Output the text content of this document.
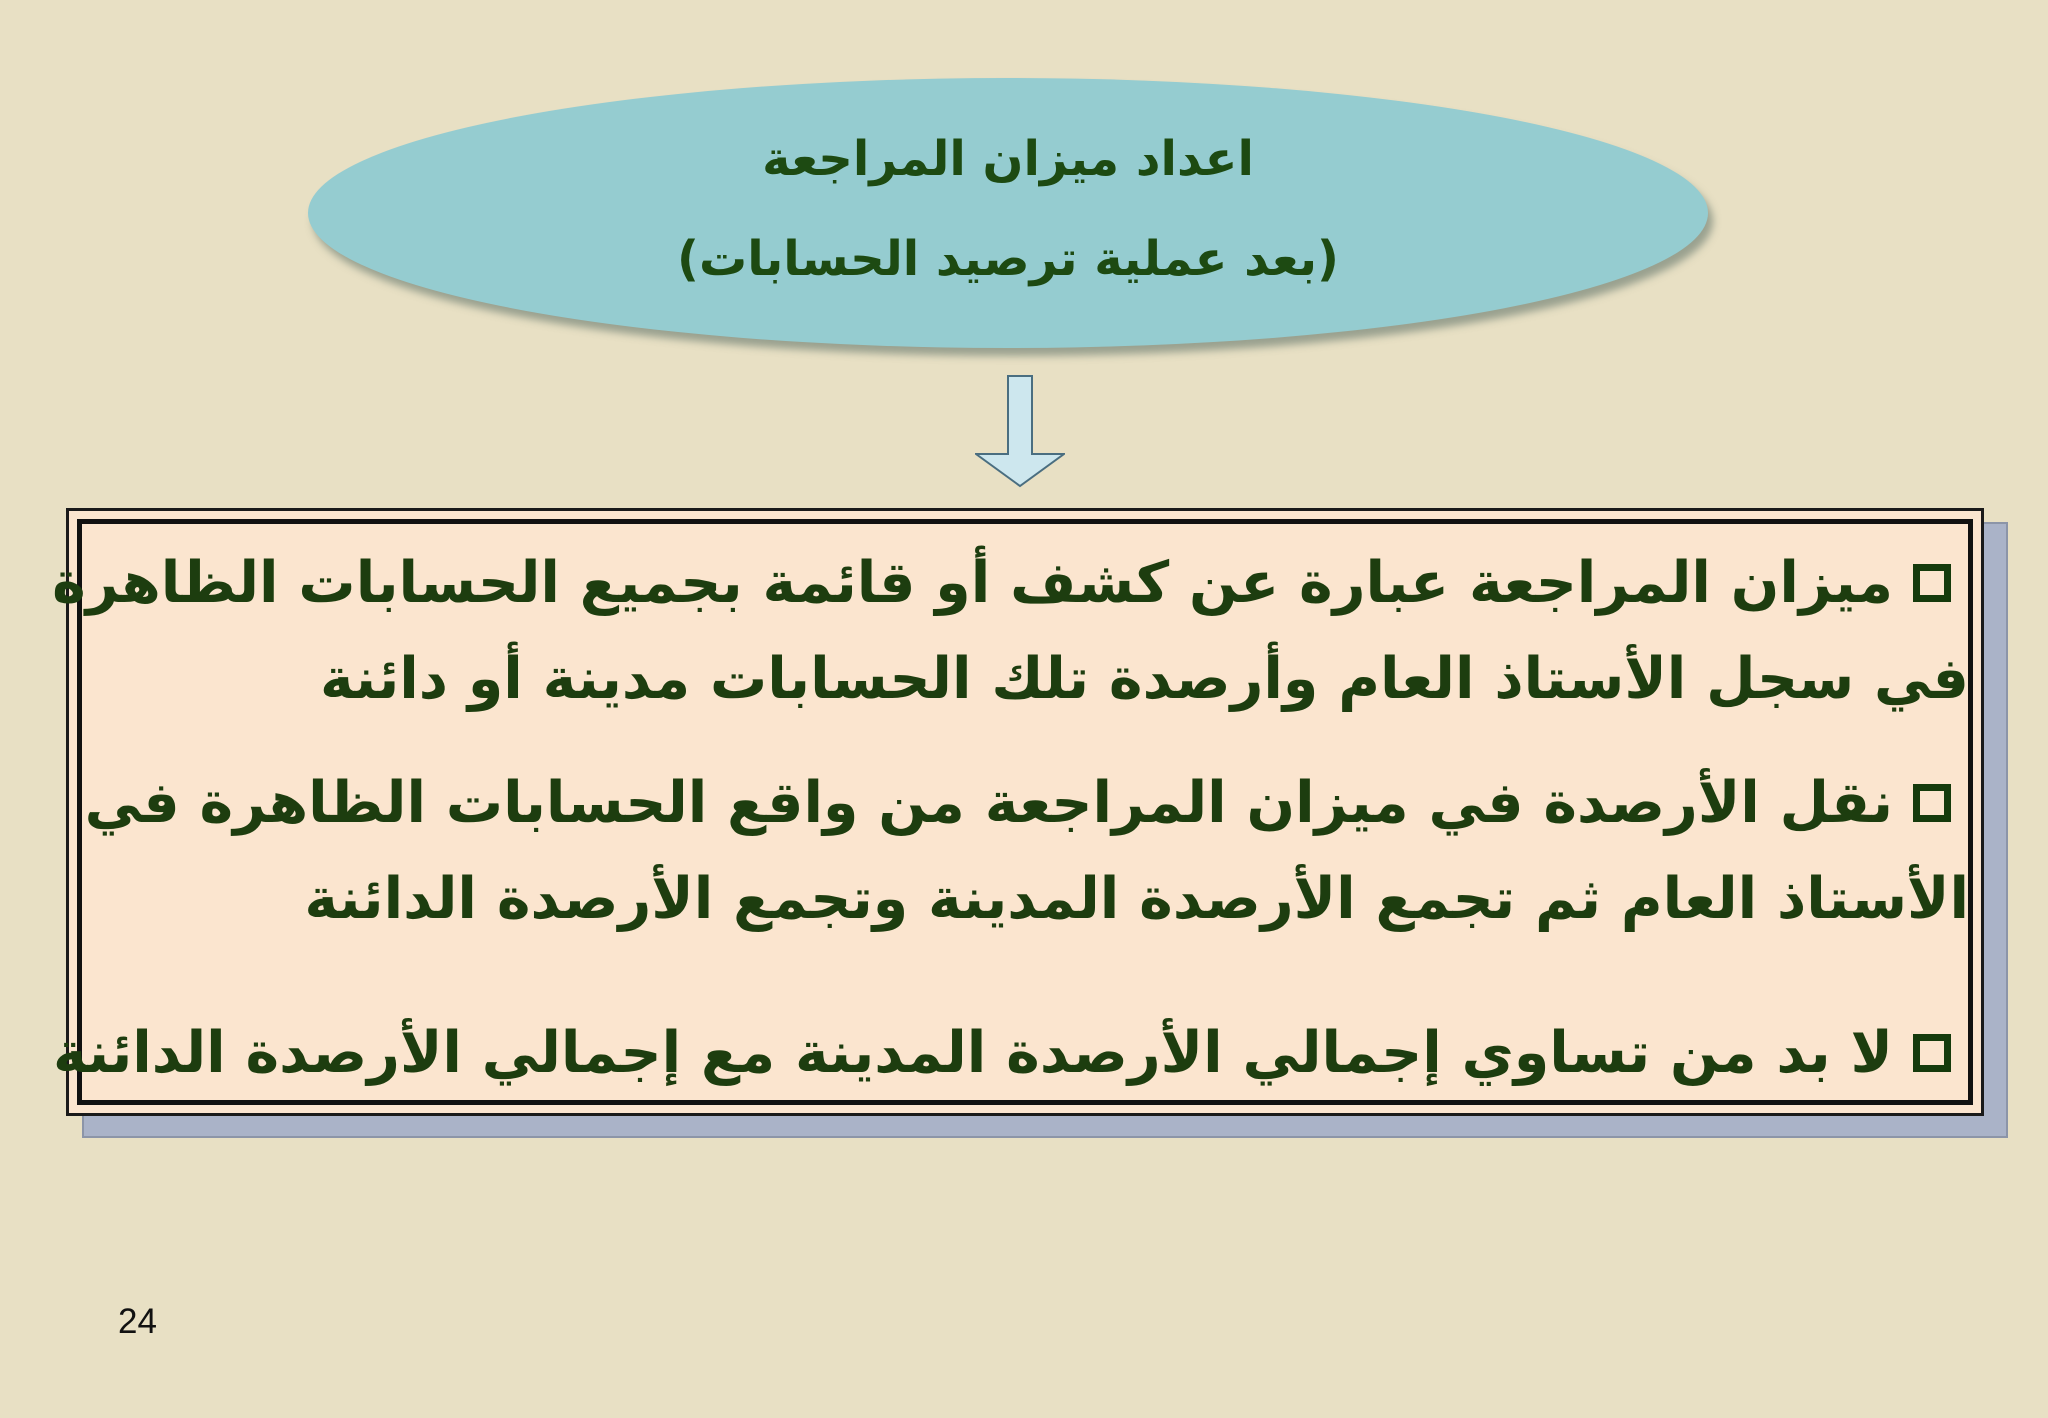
اعداد ميزان المراجعة
(بعد عملية ترصيد الحسابات)
ميزان المراجعة عبارة عن كشف أو قائمة بجميع الحسابات الظاهرة
في سجل الأستاذ العام وأرصدة تلك الحسابات مدينة أو دائنة
نقل الأرصدة في ميزان المراجعة من واقع الحسابات الظاهرة في
الأستاذ العام ثم تجمع الأرصدة المدينة وتجمع الأرصدة الدائنة
لا بد من تساوي إجمالي الأرصدة المدينة مع إجمالي الأرصدة الدائنة
24
